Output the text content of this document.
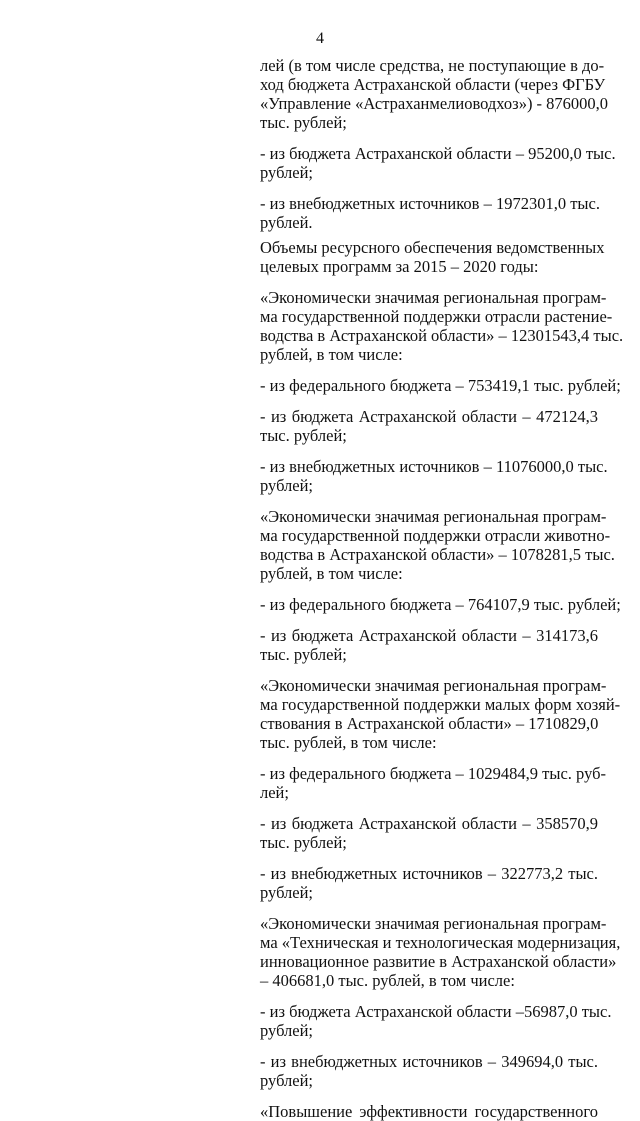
4
лей (в том числе средства, не поступающие в до-
ход бюджета Астраханской области (через ФГБУ
«Управление «Астраханмелиоводхоз») - 876000,0
тыс. рублей;
- из бюджета Астраханской области – 95200,0 тыс.
рублей;
- из внебюджетных источников – 1972301,0 тыс.
рублей.
Объемы ресурсного обеспечения ведомственных
целевых программ за 2015 – 2020 годы:
«Экономически значимая региональная програм-
ма государственной поддержки отрасли растение-
водства в Астраханской области» – 12301543,4 тыс.
рублей, в том числе:
- из федерального бюджета – 753419,1 тыс. рублей;
- из бюджета Астраханской области – 472124,3
тыс. рублей;
- из внебюджетных источников – 11076000,0 тыс.
рублей;
«Экономически значимая региональная програм-
ма государственной поддержки отрасли животно-
водства в Астраханской области» – 1078281,5 тыс.
рублей, в том числе:
- из федерального бюджета – 764107,9 тыс. рублей;
- из бюджета Астраханской области – 314173,6
тыс. рублей;
«Экономически значимая региональная програм-
ма государственной поддержки малых форм хозяй-
ствования в Астраханской области» – 1710829,0
тыс. рублей, в том числе:
- из федерального бюджета – 1029484,9 тыс. руб-
лей;
- из бюджета Астраханской области – 358570,9
тыс. рублей;
- из внебюджетных источников – 322773,2 тыс.
рублей;
«Экономически значимая региональная програм-
ма «Техническая и технологическая модернизация,
инновационное развитие в Астраханской области»
– 406681,0 тыс. рублей, в том числе:
- из бюджета Астраханской области –56987,0 тыс.
рублей;
- из внебюджетных источников – 349694,0 тыс.
рублей;
«Повышение эффективности государственного
